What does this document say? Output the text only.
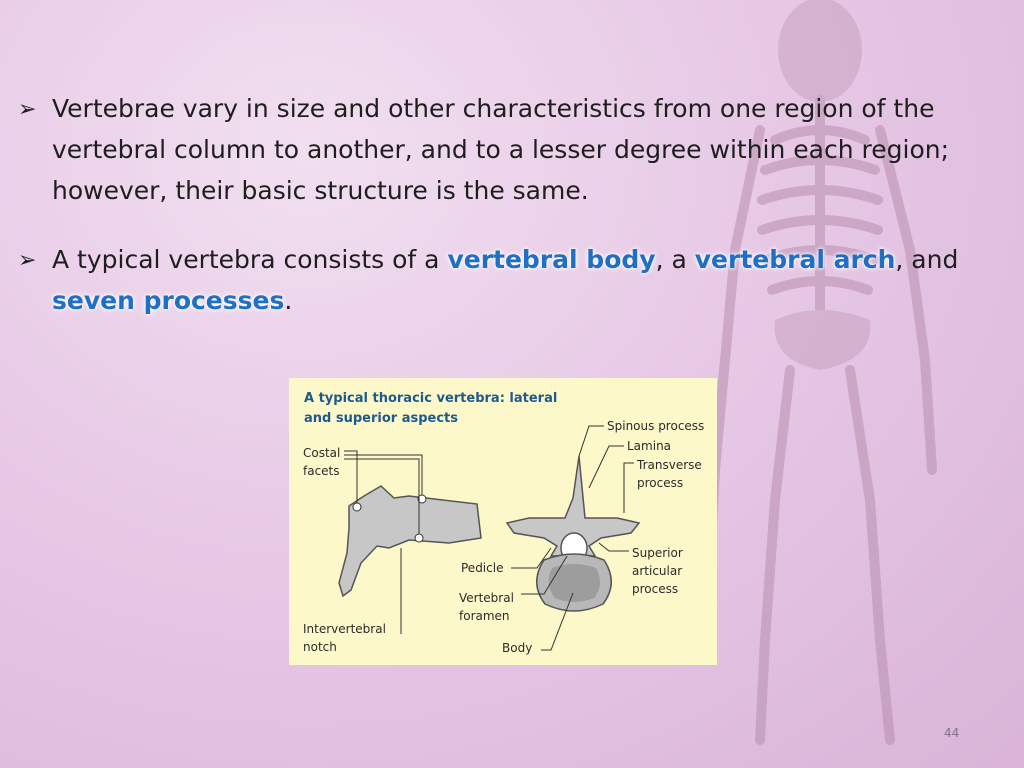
➢ Vertebrae vary in size and other characteristics from one region of the vertebral column to another, and to a lesser degree within each region; however, their basic structure is the same.
➢ A typical vertebra consists of a vertebral body, a vertebral arch, and seven processes.
A typical thoracic vertebra: lateral and superior aspects
Costal facets
Intervertebral notch
Spinous process
Lamina
Transverse process
Superior articular process
Pedicle
Vertebral foramen
Body
44
